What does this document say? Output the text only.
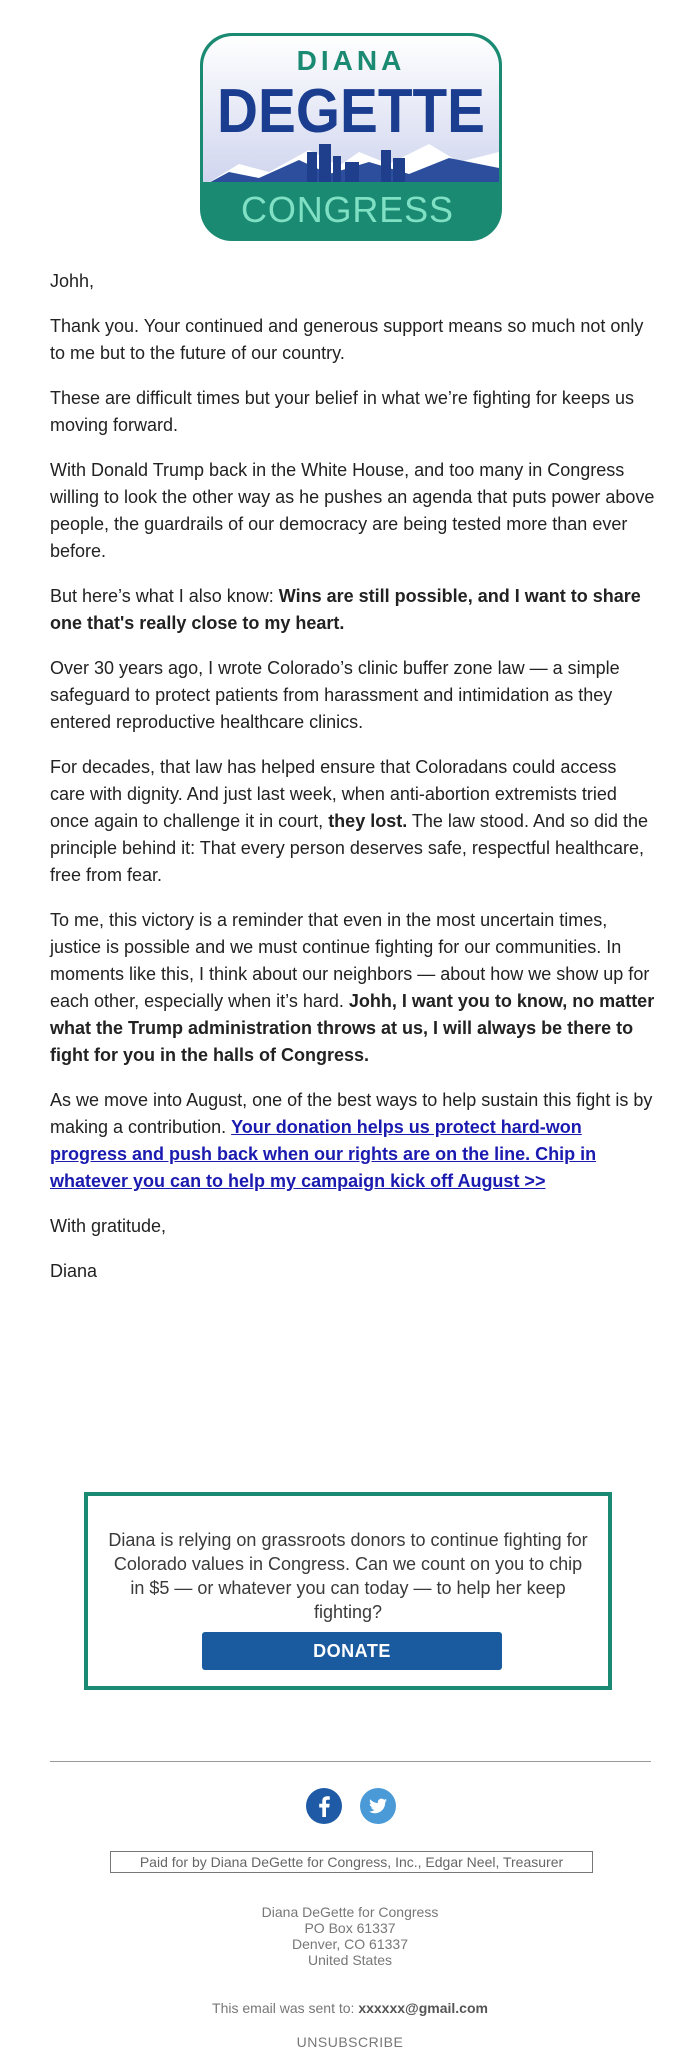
DIANA
DEGETTE
CONGRESS

Johh,

Thank you. Your continued and generous support means so much not only to me but to the future of our country.

These are difficult times but your belief in what we’re fighting for keeps us moving forward.

With Donald Trump back in the White House, and too many in Congress willing to look the other way as he pushes an agenda that puts power above people, the guardrails of our democracy are being tested more than ever before.

But here’s what I also know: Wins are still possible, and I want to share one that's really close to my heart.

Over 30 years ago, I wrote Colorado’s clinic buffer zone law — a simple safeguard to protect patients from harassment and intimidation as they entered reproductive healthcare clinics.

For decades, that law has helped ensure that Coloradans could access care with dignity. And just last week, when anti-abortion extremists tried once again to challenge it in court, they lost. The law stood. And so did the principle behind it: That every person deserves safe, respectful healthcare, free from fear.

To me, this victory is a reminder that even in the most uncertain times, justice is possible and we must continue fighting for our communities. In moments like this, I think about our neighbors — about how we show up for each other, especially when it’s hard. Johh, I want you to know, no matter what the Trump administration throws at us, I will always be there to fight for you in the halls of Congress.

As we move into August, one of the best ways to help sustain this fight is by making a contribution. Your donation helps us protect hard-won progress and push back when our rights are on the line. Chip in whatever you can to help my campaign kick off August >>

With gratitude,

Diana

Diana is relying on grassroots donors to continue fighting for Colorado values in Congress. Can we count on you to chip in $5 — or whatever you can today — to help her keep fighting?
DONATE
Paid for by Diana DeGette for Congress, Inc., Edgar Neel, Treasurer
Diana DeGette for Congress
PO Box 61337
Denver, CO 61337
United States
This email was sent to: xxxxxx@gmail.com
UNSUBSCRIBE
